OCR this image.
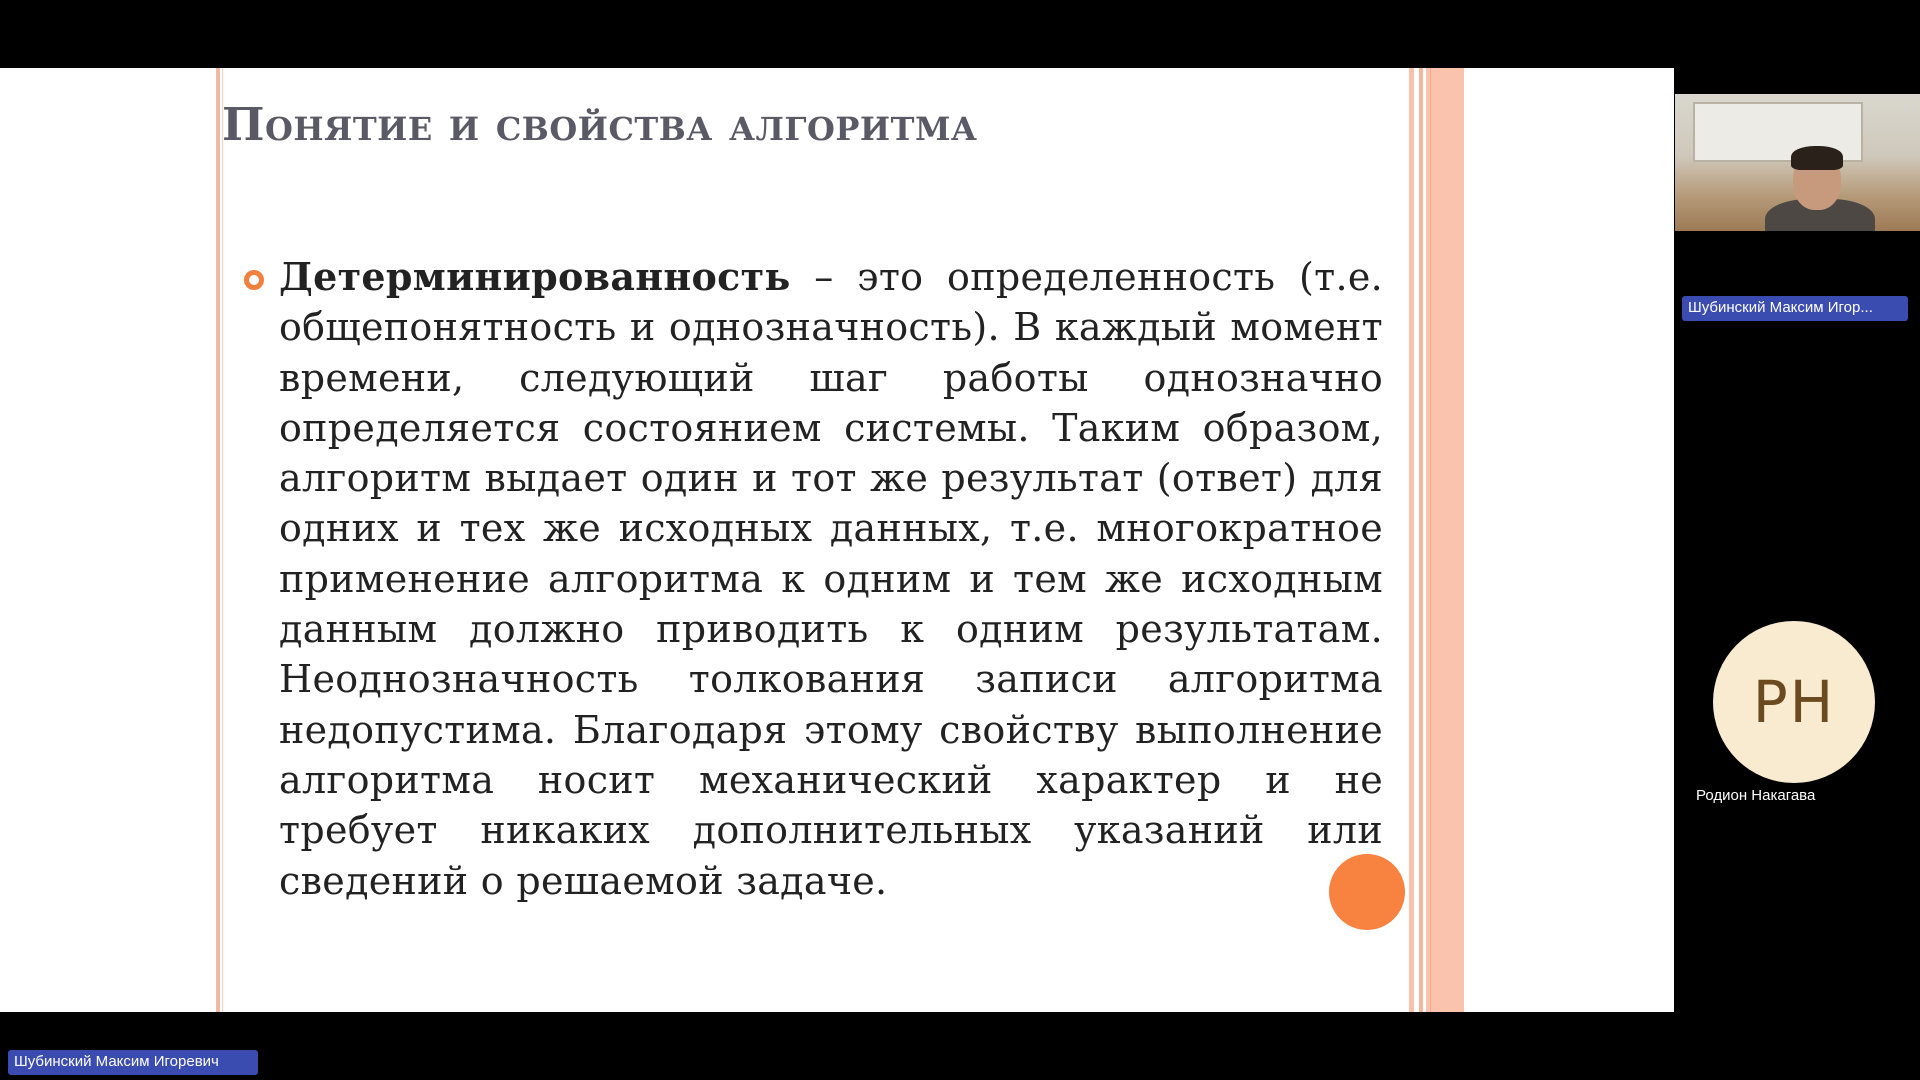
Понятие и свойства алгоритма
Детерминированность – это определенность (т.е. общепонятность и однозначность). В каждый момент времени, следующий шаг работы однозначно определяется состоянием системы. Таким образом, алгоритм выдает один и тот же результат (ответ) для одних и тех же исходных данных, т.е. многократное применение алгоритма к одним и тем же исходным данным должно приводить к одним результатам. Неоднозначность толкования записи алгоритма недопустима. Благодаря этому свойству выполнение алгоритма носит механический характер и не требует никаких дополнительных указаний или сведений о решаемой задаче.
Шубинский Максим Игор...
РН
Родион Накагава
Шубинский Максим Игоревич
